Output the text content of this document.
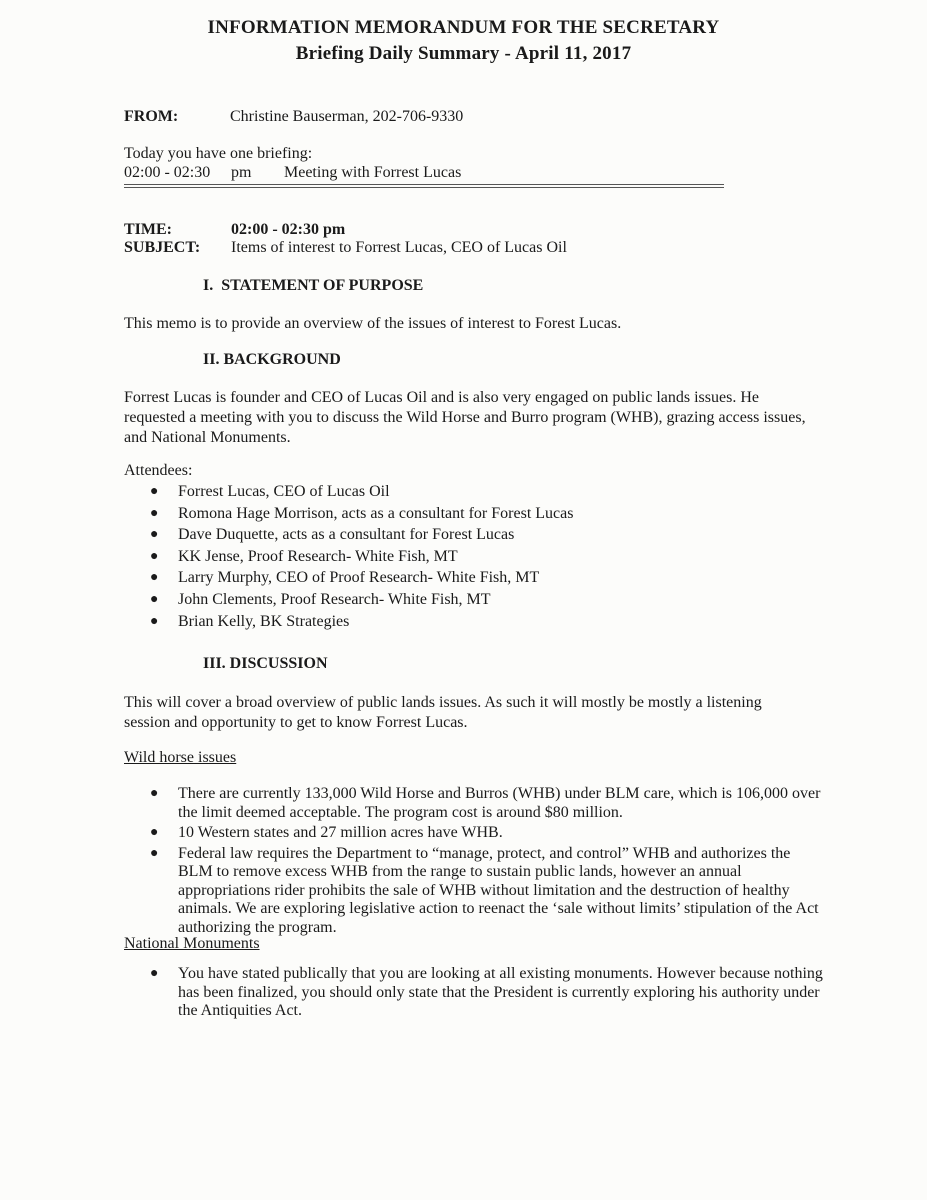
INFORMATION MEMORANDUM FOR THE SECRETARY
Briefing Daily Summary - April 11, 2017
FROM:	Christine Bauserman, 202-706-9330
Today you have one briefing:
02:00 - 02:30 pm Meeting with Forrest Lucas
TIME:	02:00 - 02:30 pm
SUBJECT: Items of interest to Forrest Lucas, CEO of Lucas Oil
I.  STATEMENT OF PURPOSE
This memo is to provide an overview of the issues of interest to Forest Lucas.
II. BACKGROUND
Forrest Lucas is founder and CEO of Lucas Oil and is also very engaged on public lands issues. He requested a meeting with you to discuss the Wild Horse and Burro program (WHB), grazing access issues, and National Monuments.
Attendees:
● Forrest Lucas, CEO of Lucas Oil
● Romona Hage Morrison, acts as a consultant for Forest Lucas
● Dave Duquette, acts as a consultant for Forest Lucas
● KK Jense, Proof Research- White Fish, MT
● Larry Murphy, CEO of Proof Research- White Fish, MT
● John Clements, Proof Research- White Fish, MT
● Brian Kelly, BK Strategies
III. DISCUSSION
This will cover a broad overview of public lands issues. As such it will mostly be mostly a listening session and opportunity to get to know Forrest Lucas.
Wild horse issues
● There are currently 133,000 Wild Horse and Burros (WHB) under BLM care, which is 106,000 over the limit deemed acceptable. The program cost is around $80 million.
● 10 Western states and 27 million acres have WHB.
● Federal law requires the Department to “manage, protect, and control” WHB and authorizes the BLM to remove excess WHB from the range to sustain public lands, however an annual appropriations rider prohibits the sale of WHB without limitation and the destruction of healthy animals. We are exploring legislative action to reenact the ‘sale without limits’ stipulation of the Act authorizing the program.
National Monuments
● You have stated publically that you are looking at all existing monuments. However because nothing has been finalized, you should only state that the President is currently exploring his authority under the Antiquities Act.
